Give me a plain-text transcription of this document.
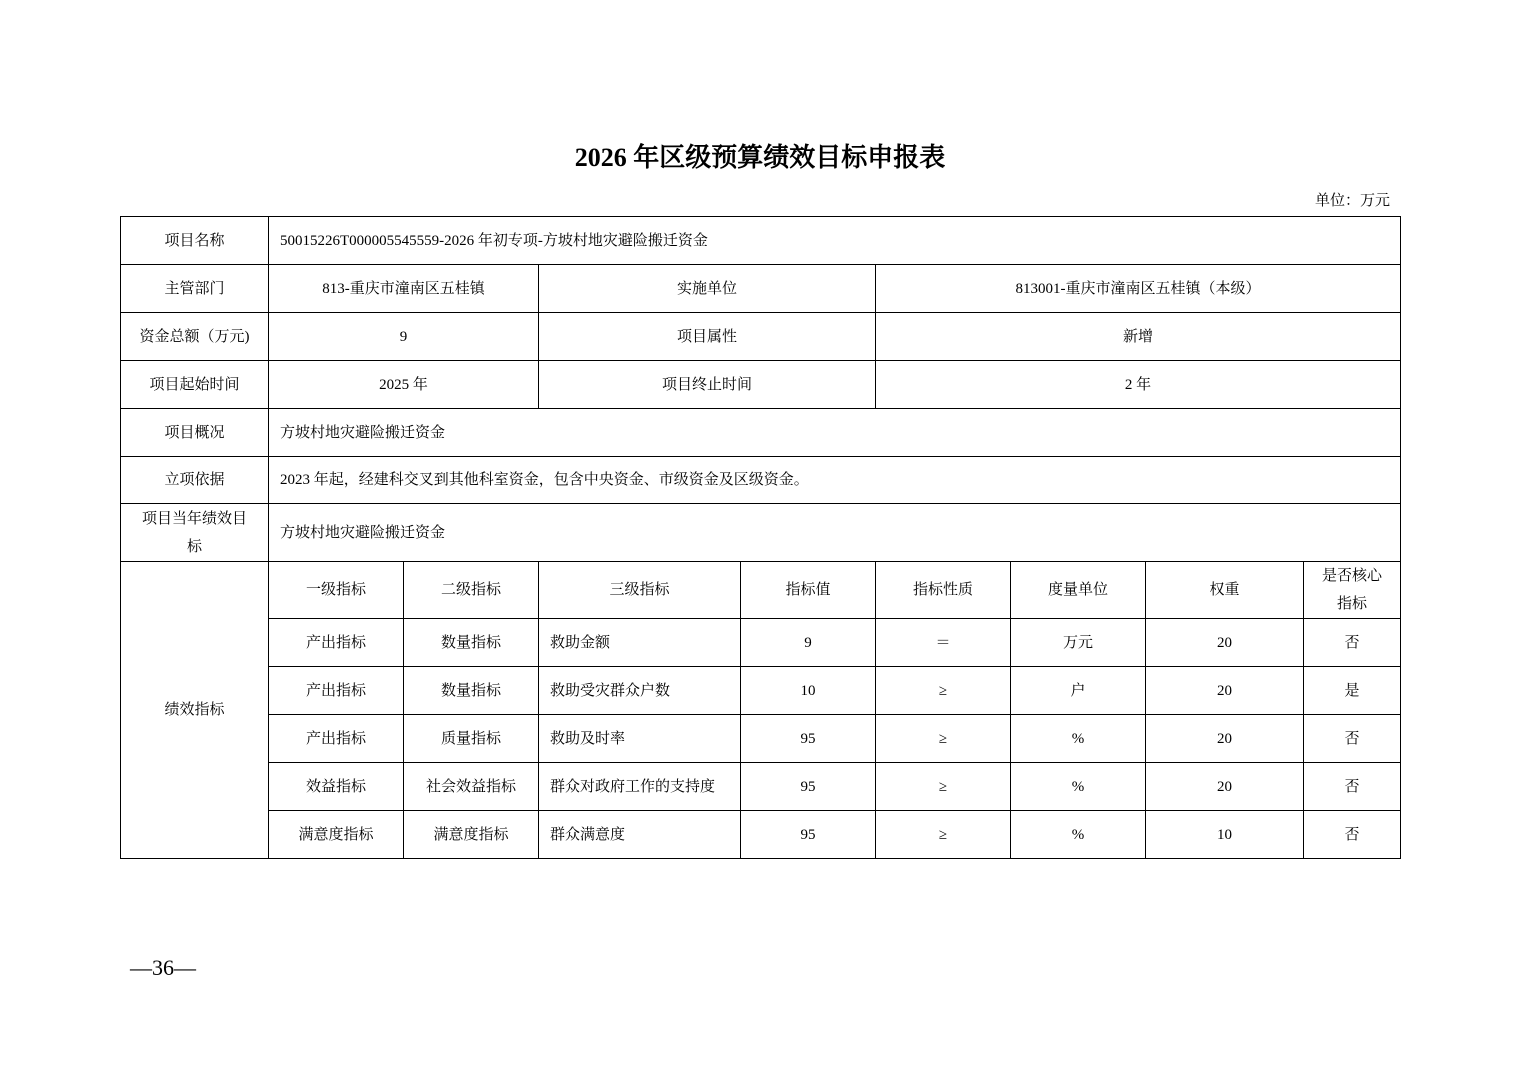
2026 年区级预算绩效目标申报表
单位：万元
项目名称	50015226T000005545559-2026 年初专项-方坡村地灾避险搬迁资金							
主管部门	813-重庆市潼南区五桂镇		实施单位		813001-重庆市潼南区五桂镇（本级）			
资金总额（万元)	9		项目属性		新增			
项目起始时间	2025 年		项目终止时间		2 年			
项目概况	方坡村地灾避险搬迁资金							
立项依据	2023 年起，经建科交叉到其他科室资金，包含中央资金、市级资金及区级资金。							
项目当年绩效目标	方坡村地灾避险搬迁资金							
绩效指标	一级指标	二级指标	三级指标	指标值	指标性质	度量单位	权重	是否核心指标
	产出指标	数量指标	救助金额	9	＝	万元	20	否
	产出指标	数量指标	救助受灾群众户数	10	≥	户	20	是
	产出指标	质量指标	救助及时率	95	≥	%	20	否
	效益指标	社会效益指标	群众对政府工作的支持度	95	≥	%	20	否
	满意度指标	满意度指标	群众满意度	95	≥	%	10	否
—36—
